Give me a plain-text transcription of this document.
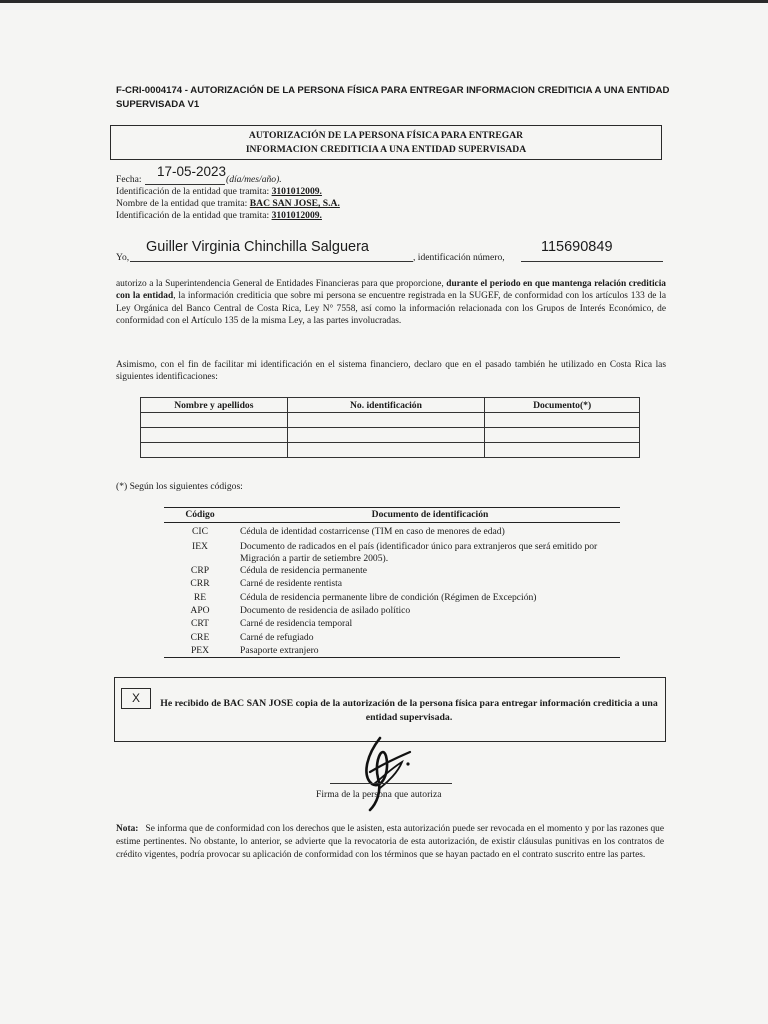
F-CRI-0004174 - AUTORIZACIÓN DE LA PERSONA FÍSICA PARA ENTREGAR INFORMACION CREDITICIA A UNA ENTIDAD SUPERVISADA V1
AUTORIZACIÓN DE LA PERSONA FÍSICA PARA ENTREGAR
INFORMACION CREDITICIA A UNA ENTIDAD SUPERVISADA
Fecha:
17-05-2023
(día/mes/año).
Identificación de la entidad que tramita: 3101012009.
Nombre de la entidad que tramita: BAC SAN JOSE, S.A.
Identificación de la entidad que tramita: 3101012009.
Yo,
Guiller Virginia Chinchilla Salguera
, identificación número,
115690849
autorizo a la Superintendencia General de Entidades Financieras para que proporcione, durante el periodo en que mantenga relación crediticia con la entidad, la información crediticia que sobre mi persona se encuentre registrada en la SUGEF, de conformidad con los artículos 133 de la Ley Orgánica del Banco Central de Costa Rica, Ley N° 7558, así como la información relacionada con los Grupos de Interés Económico, de conformidad con el Artículo 135 de la misma Ley, a las partes involucradas.
Asimismo, con el fin de facilitar mi identificación en el sistema financiero, declaro que en el pasado también he utilizado en Costa Rica las siguientes identificaciones:
Nombre y apellidos	No. identificación	Documento(*)

(*) Según los siguientes códigos:
Código	Documento de identificación
CIC	Cédula de identidad costarricense (TIM en caso de menores de edad)
IEX	Documento de radicados en el país (identificador único para extranjeros que será emitido por Migración a partir de setiembre 2005).
CRP	Cédula de residencia permanente
CRR	Carné de residente rentista
RE	Cédula de residencia permanente libre de condición (Régimen de Excepción)
APO	Documento de residencia de asilado político
CRT	Carné de residencia temporal
CRE	Carné de refugiado
PEX	Pasaporte extranjero
X	He recibido de BAC SAN JOSE copia de la autorización de la persona física para entregar información crediticia a una entidad supervisada.
Firma de la persona que autoriza
Nota: Se informa que de conformidad con los derechos que le asisten, esta autorización puede ser revocada en el momento y por las razones que estime pertinentes. No obstante, lo anterior, se advierte que la revocatoria de esta autorización, de existir cláusulas punitivas en los contratos de crédito vigentes, podría provocar su aplicación de conformidad con los términos que se hayan pactado en el contrato suscrito entre las partes.
